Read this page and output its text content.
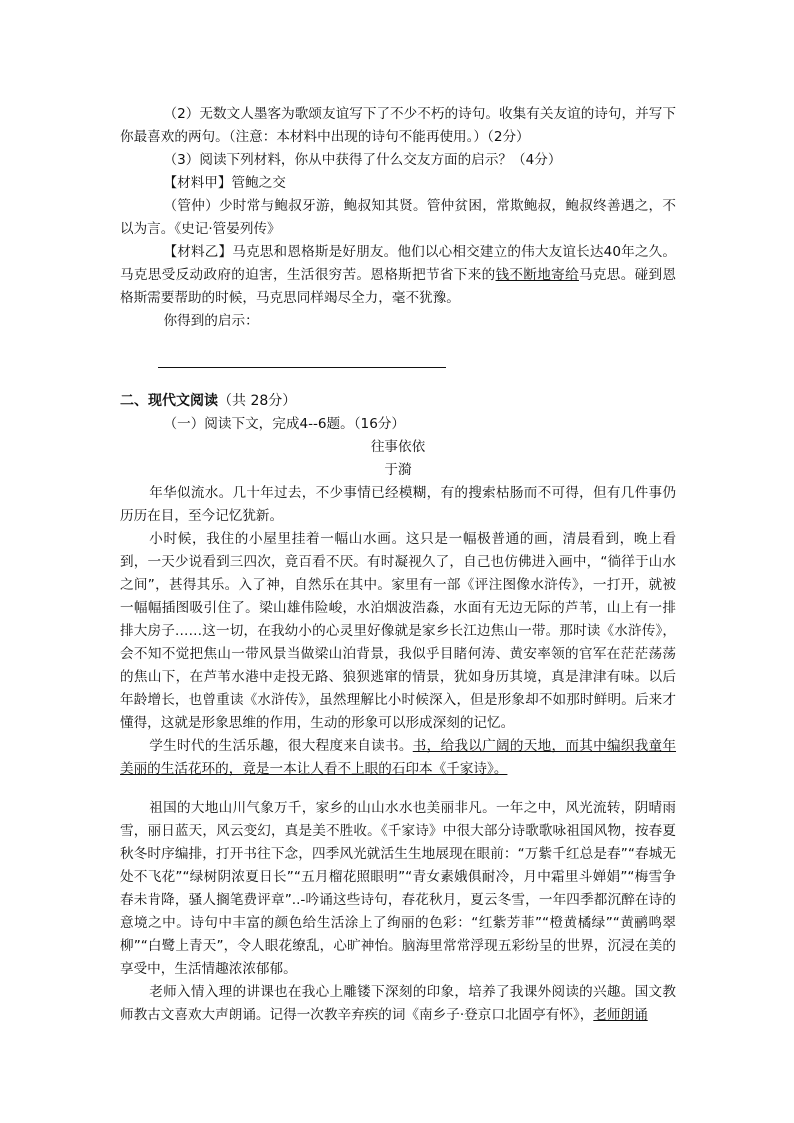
（2）无数文人墨客为歌颂友谊写下了不少不朽的诗句。收集有关友谊的诗句，并写下你最喜欢的两句。（注意：本材料中出现的诗句不能再使用。）（2分）

（3）阅读下列材料，你从中获得了什么交友方面的启示？（4分）

【材料甲】管鲍之交

（管仲）少时常与鲍叔牙游，鲍叔知其贤。管仲贫困，常欺鲍叔，鲍叔终善遇之，不以为言。《史记·管晏列传》

【材料乙】马克思和恩格斯是好朋友。他们以心相交建立的伟大友谊长达40年之久。马克思受反动政府的迫害，生活很穷苦。恩格斯把节省下来的钱不断地寄给马克思。碰到恩格斯需要帮助的时候，马克思同样竭尽全力，毫不犹豫。

你得到的启示：

二、现代文阅读（共 28分）

（一）阅读下文，完成4--6题。（16分）

往事依依

于漪

年华似流水。几十年过去，不少事情已经模糊，有的搜索枯肠而不可得，但有几件事仍历历在目，至今记忆犹新。

小时候，我住的小屋里挂着一幅山水画。这只是一幅极普通的画，清晨看到，晚上看到，一天少说看到三四次，竟百看不厌。有时凝视久了，自己也仿佛进入画中，“徜徉于山水之间”，甚得其乐。入了神，自然乐在其中。家里有一部《评注图像水浒传》，一打开，就被一幅幅插图吸引住了。梁山雄伟险峻，水泊烟波浩淼，水面有无边无际的芦苇，山上有一排排大房子……这一切，在我幼小的心灵里好像就是家乡长江边焦山一带。那时读《水浒传》，会不知不觉把焦山一带风景当做梁山泊背景，我似乎目睹何涛、黄安率领的官军在茫茫荡荡的焦山下，在芦苇水港中走投无路、狼狈逃窜的情景，犹如身历其境，真是津津有味。以后年龄增长，也曾重读《水浒传》，虽然理解比小时候深入，但是形象却不如那时鲜明。后来才懂得，这就是形象思维的作用，生动的形象可以形成深刻的记忆。

学生时代的生活乐趣，很大程度来自读书。书，给我以广阔的天地，而其中编织我童年美丽的生活花环的，竟是一本让人看不上眼的石印本《千家诗》。

祖国的大地山川气象万千，家乡的山山水水也美丽非凡。一年之中，风光流转，阴晴雨雪，丽日蓝天，风云变幻，真是美不胜收。《千家诗》中很大部分诗歌歌咏祖国风物，按春夏秋冬时序编排，打开书往下念，四季风光就活生生地展现在眼前：“万紫千红总是春”“春城无处不飞花”“绿树阴浓夏日长”“五月榴花照眼明”“青女素娥俱耐冷，月中霜里斗婵娟”“梅雪争春未肯降，骚人搁笔费评章”..-吟诵这些诗句，春花秋月，夏云冬雪，一年四季都沉醉在诗的意境之中。诗句中丰富的颜色给生活涂上了绚丽的色彩：“红紫芳菲”“橙黄橘绿”“黄鹂鸣翠柳”“白鹭上青天”，令人眼花缭乱，心旷神怡。脑海里常常浮现五彩纷呈的世界，沉浸在美的享受中，生活情趣浓浓郁郁。

老师入情入理的讲课也在我心上雕镂下深刻的印象，培养了我课外阅读的兴趣。国文教师教古文喜欢大声朗诵。记得一次教辛弃疾的词《南乡子·登京口北固亭有怀》，老师朗诵
